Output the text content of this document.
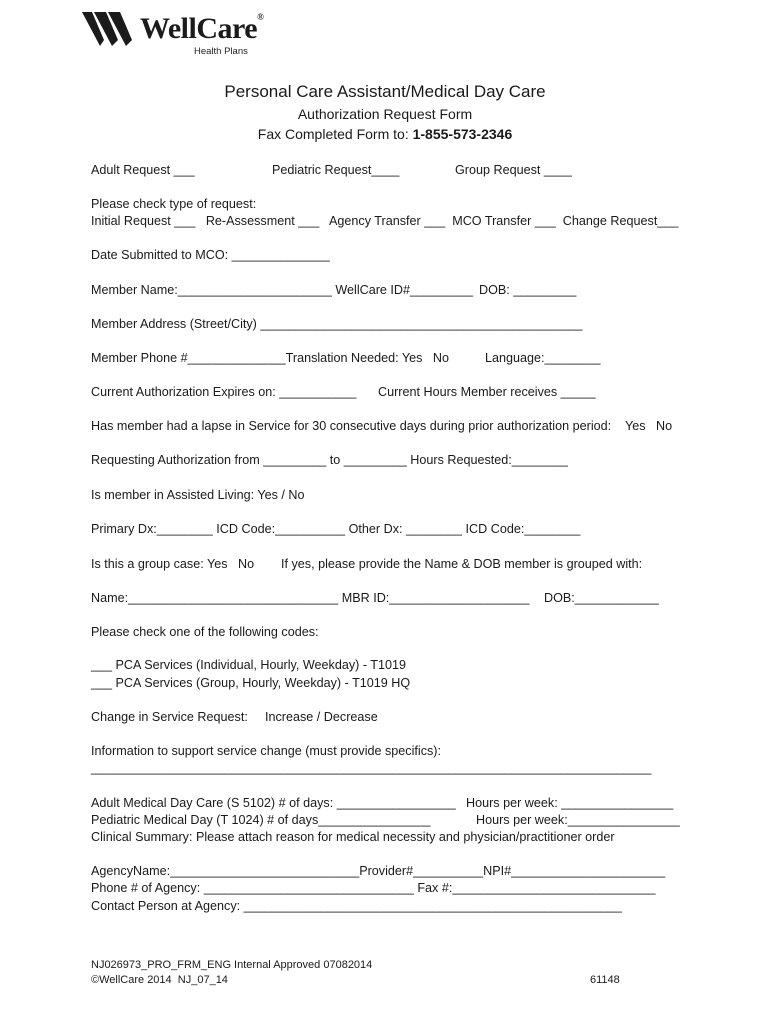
WellCare®
Health Plans
Personal Care Assistant/Medical Day Care
Authorization Request Form
Fax Completed Form to: 1-855-573-2346
Adult Request ___	Pediatric Request____	Group Request ____
Please check type of request:
Initial Request ___   Re-Assessment ___   Agency Transfer ___  MCO Transfer ___  Change Request___
Date Submitted to MCO: ______________
Member Name:______________________ WellCare ID#_________ DOB: _________
Member Address (Street/City) ______________________________________________
Member Phone #______________Translation Needed: Yes   No	Language:________
Current Authorization Expires on: ___________ Current Hours Member receives _____
Has member had a lapse in Service for 30 consecutive days during prior authorization period: Yes   No
Requesting Authorization from _________ to _________ Hours Requested:________
Is member in Assisted Living: Yes / No
Primary Dx:________ ICD Code:__________ Other Dx: ________ ICD Code:________
Is this a group case: Yes   No If yes, please provide the Name & DOB member is grouped with:
Name:______________________________ MBR ID:____________________ DOB:____________
Please check one of the following codes:
___ PCA Services (Individual, Hourly, Weekday) - T1019
___ PCA Services (Group, Hourly, Weekday) - T1019 HQ
Change in Service Request: Increase / Decrease
Information to support service change (must provide specifics):
________________________________________________________________________________
Adult Medical Day Care (S 5102) # of days: _________________ Hours per week: ________________
Pediatric Medical Day (T 1024) # of days________________	Hours per week:________________
Clinical Summary: Please attach reason for medical necessity and physician/practitioner order
AgencyName:___________________________Provider#__________NPI#______________________
Phone # of Agency: ______________________________ Fax #:_____________________________
Contact Person at Agency: ______________________________________________________
NJ026973_PRO_FRM_ENG Internal Approved 07082014
©WellCare 2014  NJ_07_14	61148
